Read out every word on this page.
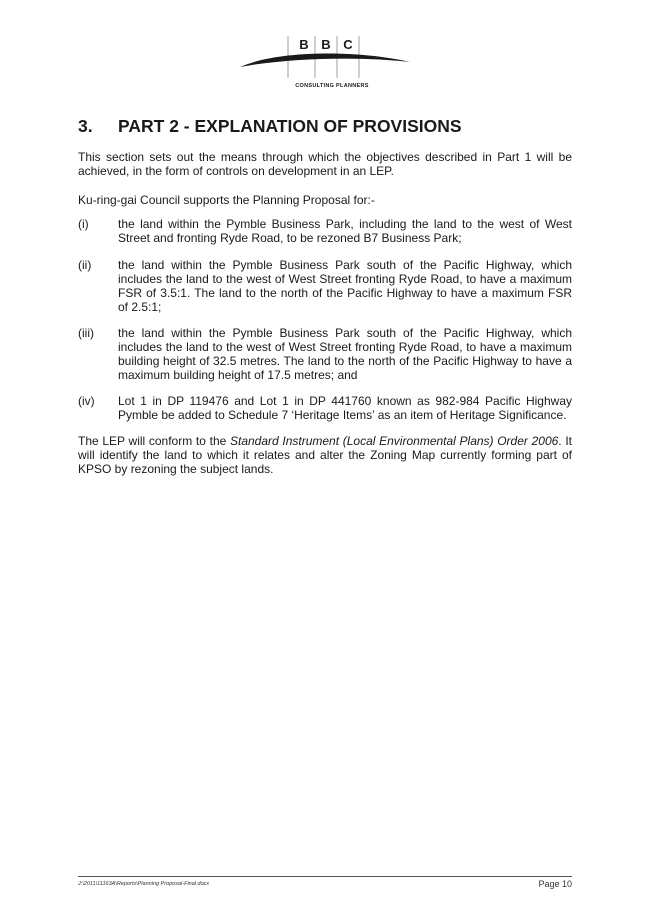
B B C
CONSULTING PLANNERS
3.	PART 2 - EXPLANATION OF PROVISIONS
This section sets out the means through which the objectives described in Part 1 will be achieved, in the form of controls on development in an LEP.
Ku-ring-gai Council supports the Planning Proposal for:-
(i)	the land within the Pymble Business Park, including the land to the west of West Street and fronting Ryde Road, to be rezoned B7 Business Park;
(ii)	the land within the Pymble Business Park south of the Pacific Highway, which includes the land to the west of West Street fronting Ryde Road, to have a maximum FSR of 3.5:1. The land to the north of the Pacific Highway to have a maximum FSR of 2.5:1;
(iii)	the land within the Pymble Business Park south of the Pacific Highway, which includes the land to the west of West Street fronting Ryde Road, to have a maximum building height of 32.5 metres. The land to the north of the Pacific Highway to have a maximum building height of 17.5 metres; and
(iv)	Lot 1 in DP 119476 and Lot 1 in DP 441760 known as 982-984 Pacific Highway Pymble be added to Schedule 7 ‘Heritage Items’ as an item of Heritage Significance.
The LEP will conform to the Standard Instrument (Local Environmental Plans) Order 2006. It will identify the land to which it relates and alter the Zoning Map currently forming part of KPSO by rezoning the subject lands.
J:\2011\11163A\Reports\Planning Proposal-Final.docx	Page 10
